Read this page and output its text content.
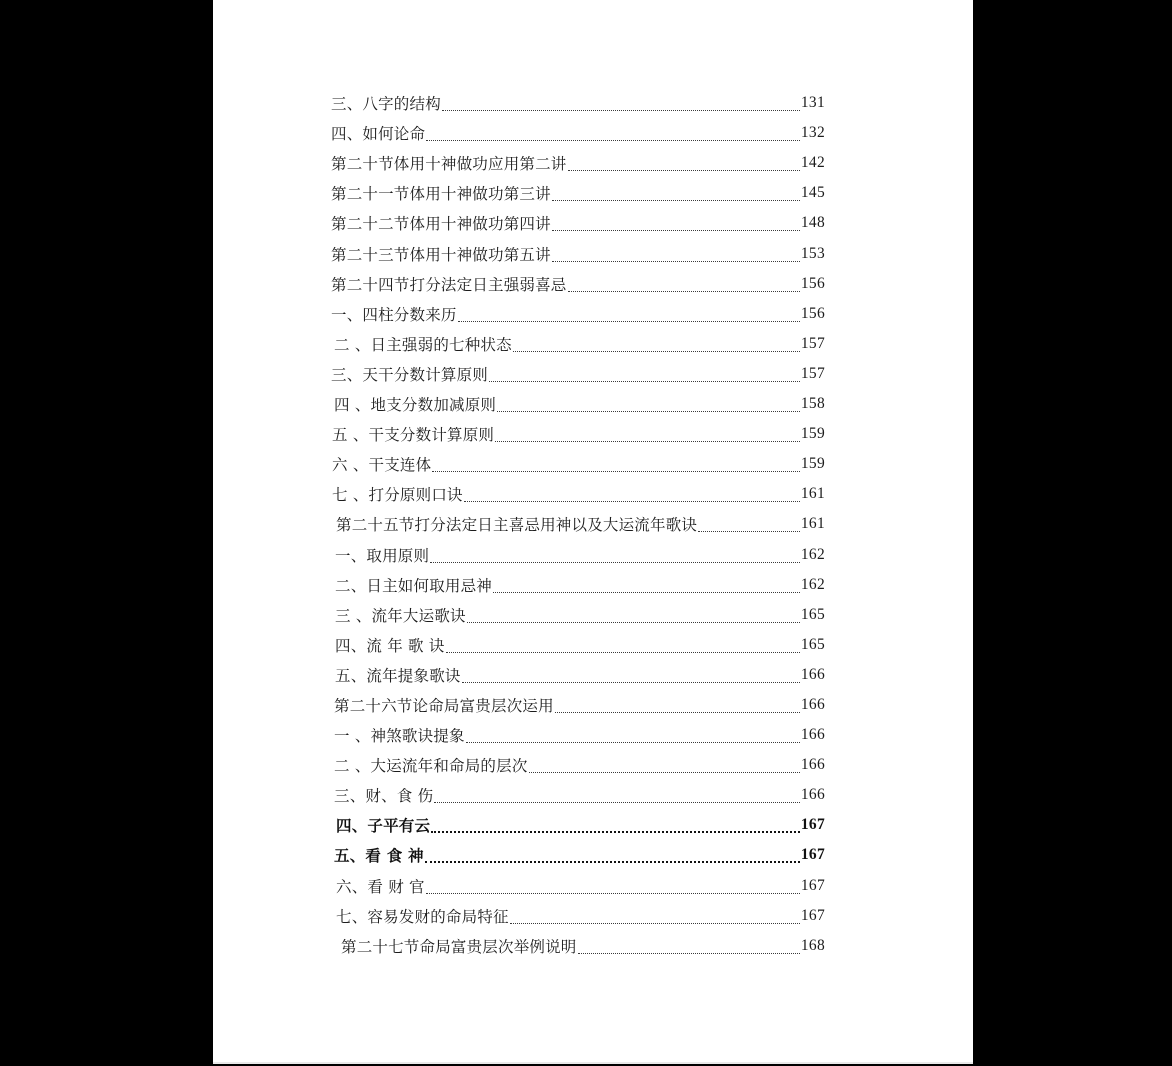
三、八字的结构	131
四、如何论命	132
第二十节体用十神做功应用第二讲	142
第二十一节体用十神做功第三讲	145
第二十二节体用十神做功第四讲	148
第二十三节体用十神做功第五讲	153
第二十四节打分法定日主强弱喜忌	156
一、四柱分数来历	156
二 、日主强弱的七种状态	157
三、天干分数计算原则	157
四 、地支分数加减原则	158
五 、干支分数计算原则	159
六 、干支连体	159
七 、打分原则口诀	161
第二十五节打分法定日主喜忌用神以及大运流年歌诀	161
一、取用原则	162
二、日主如何取用忌神	162
三 、流年大运歌诀	165
四、流 年 歌 诀	165
五、流年提象歌诀	166
第二十六节论命局富贵层次运用	166
一 、神煞歌诀提象	166
二 、大运流年和命局的层次	166
三、财、食 伤	166
四、子平有云	167
五、看 食 神	167
六、看 财 官	167
七、容易发财的命局特征	167
第二十七节命局富贵层次举例说明	168
